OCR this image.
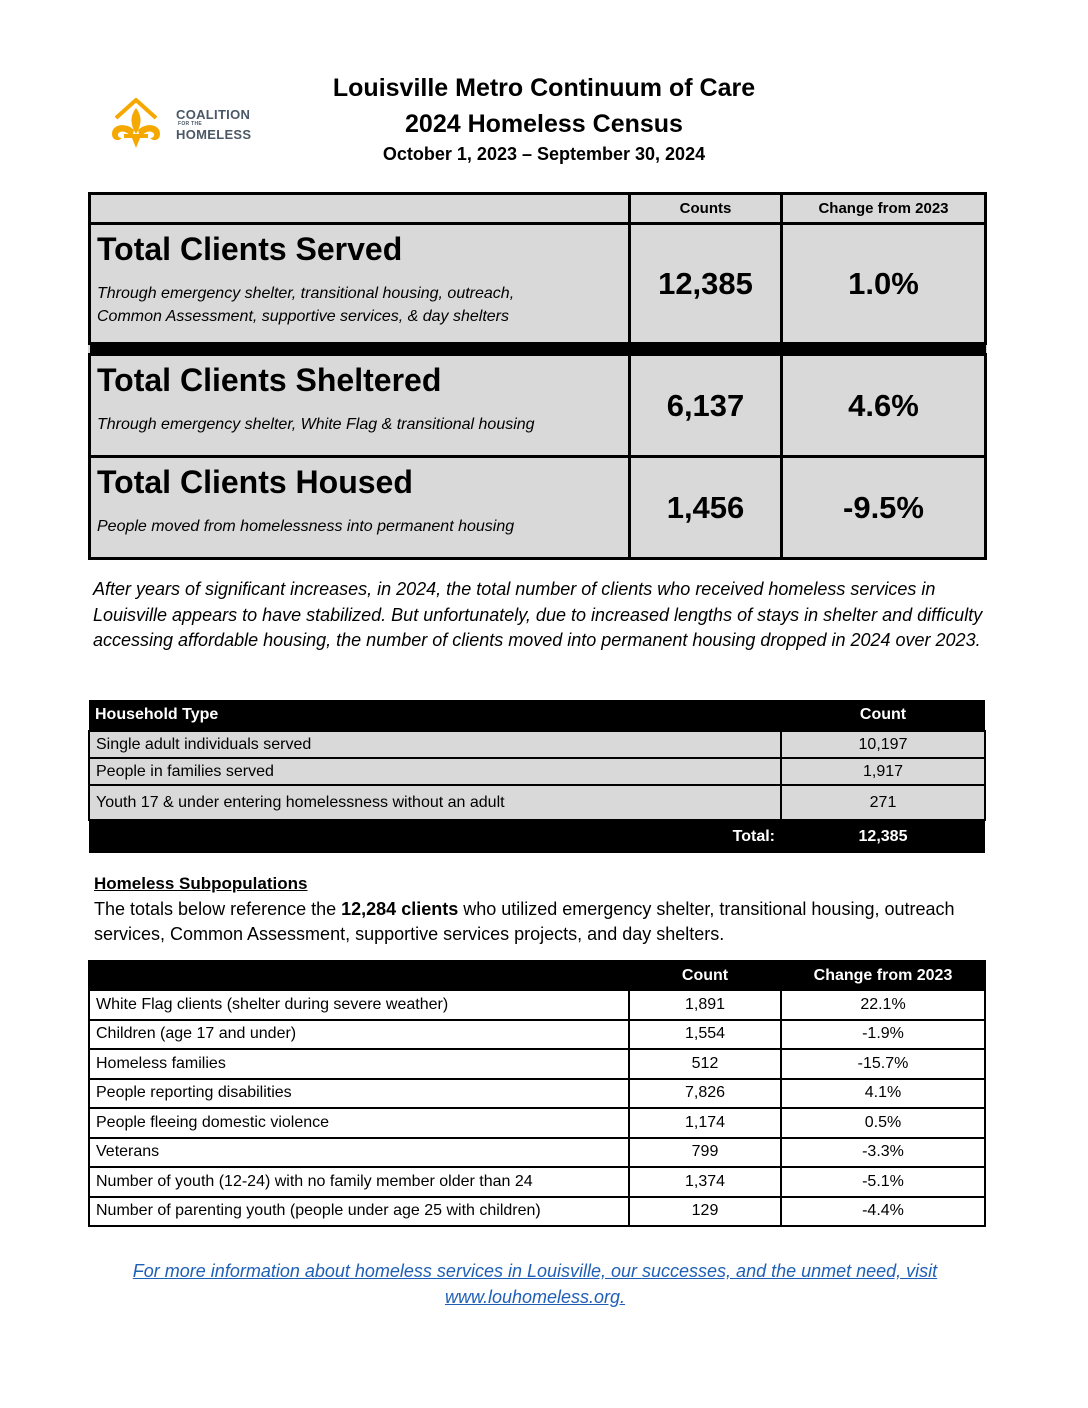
COALITION
FOR THE
HOMELESS
Louisville Metro Continuum of Care
2024 Homeless Census
October 1, 2023 – September 30, 2024
	Counts	Change from 2023

Total Clients Served
Through emergency shelter, transitional housing, outreach,
Common Assessment, supportive services, & day shelters	12,385	1.0%

Total Clients Sheltered
Through emergency shelter, White Flag & transitional housing	6,137	4.6%

Total Clients Housed
People moved from homelessness into permanent housing	1,456	-9.5%
After years of significant increases, in 2024, the total number of clients who received homeless services in Louisville appears to have stabilized. But unfortunately, due to increased lengths of stays in shelter and difficulty accessing affordable housing, the number of clients moved into permanent housing dropped in 2024 over 2023.
Household Type	Count
Single adult individuals served	10,197
People in families served	1,917
Youth 17 & under entering homelessness without an adult	271
Total:	12,385
Homeless Subpopulations
The totals below reference the 12,284 clients who utilized emergency shelter, transitional housing, outreach services, Common Assessment, supportive services projects, and day shelters.
	Count	Change from 2023
White Flag clients (shelter during severe weather)	1,891	22.1%
Children (age 17 and under)	1,554	-1.9%
Homeless families	512	-15.7%
People reporting disabilities	7,826	4.1%
People fleeing domestic violence	1,174	0.5%
Veterans	799	-3.3%
Number of youth (12-24) with no family member older than 24	1,374	-5.1%
Number of parenting youth (people under age 25 with children)	129	-4.4%
For more information about homeless services in Louisville, our successes, and the unmet need, visit
www.louhomeless.org.
